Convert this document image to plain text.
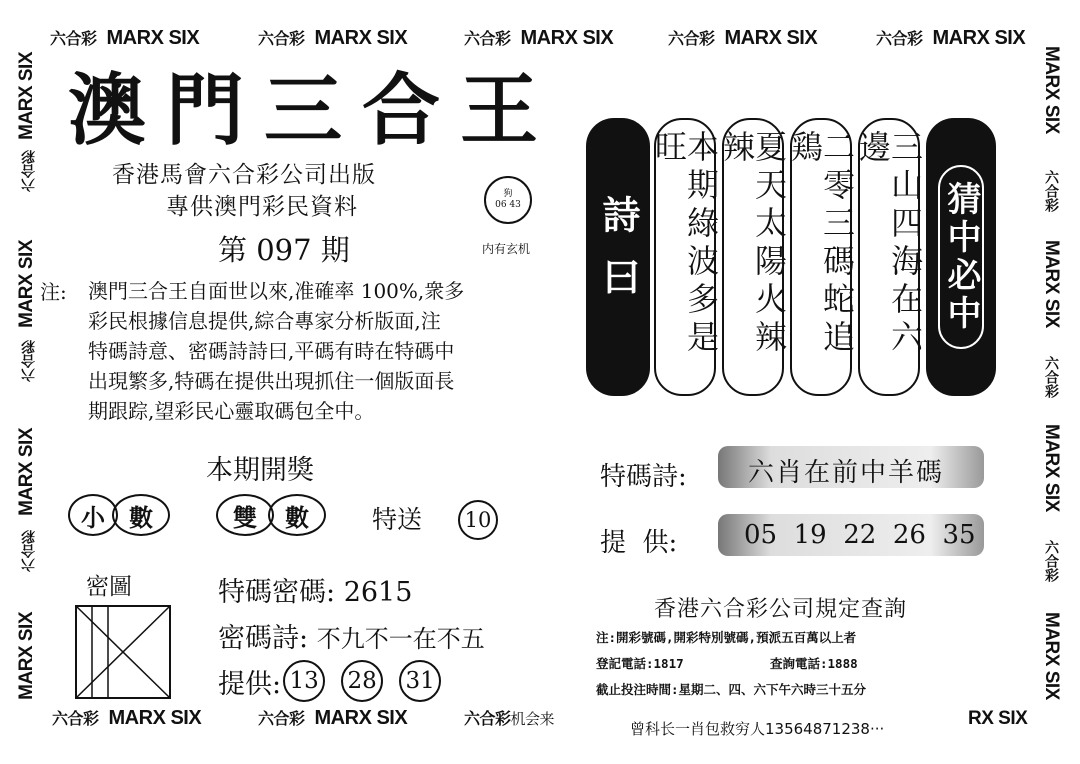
六合彩 MARX SIX	六合彩 MARX SIX	六合彩 MARX SIX	六合彩 MARX SIX	六合彩 MARX SIX
MARX SIX
六合彩
MARX SIX
六合彩
MARX SIX
六合彩
MARX SIX
MARX SIX
六合彩
MARX SIX
六合彩
MARX SIX
六合彩
MARX SIX
六合彩 MARX SIX	六合彩 MARX SIX	六合彩机会来
澳門三合王
香港馬會六合彩公司出版
專供澳門彩民資料	狗
06 43
内有玄机
第 097 期
注: 澳門三合王自面世以來,准確率 100%,衆多
彩民根據信息提供,綜合專家分析版面,注
特碼詩意、密碼詩詩曰,平碼有時在特碼中
出現繁多,特碼在提供出現抓住一個版面長
期跟踪,望彩民心靈取碼包全中。
本期開獎
小	數	雙	數	特送	10
密圖	特碼密碼: 2615
密碼詩: 不九不一在不五
提供: 13 28 31
詩曰	本期綠波多是旺	夏天太陽火辣辣	二零三碼蛇追鶏	三山四海在六邊
猜中必中
特碼詩: 六肖在前中羊碼
提  供:	05 19 22 26 35
香港六合彩公司規定查詢
注:開彩號碼,開彩特別號碼,預派五百萬以上者
登記電話:1817	查詢電話:1888
截止投注時間:星期二、四、六下午六時三十五分
曾科长一肖包救穷人13564871238···	RX SIX
